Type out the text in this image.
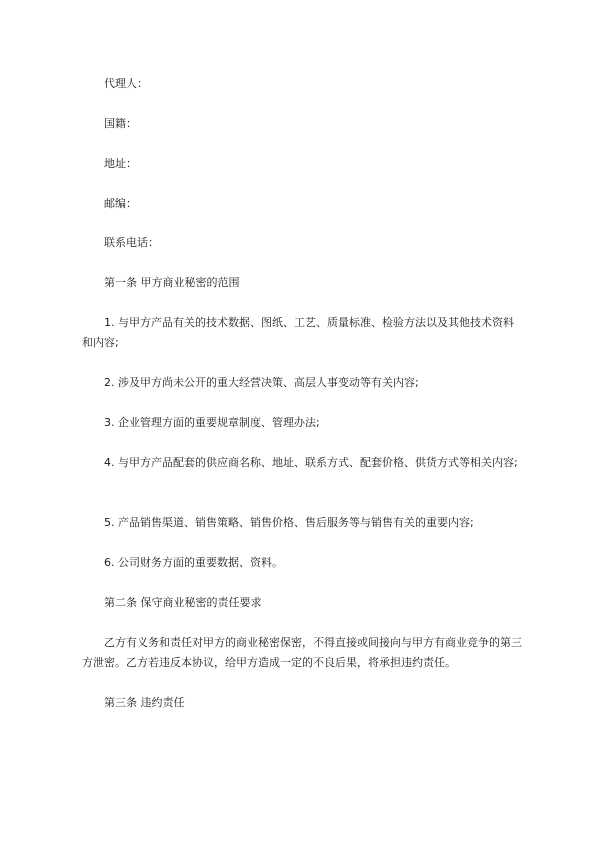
代理人：

国籍：

地址：

邮编：

联系电话：

第一条 甲方商业秘密的范围

1. 与甲方产品有关的技术数据、图纸、工艺、质量标准、检验方法以及其他技术资料和内容;

2. 涉及甲方尚未公开的重大经营决策、高层人事变动等有关内容;

3. 企业管理方面的重要规章制度、管理办法;

4. 与甲方产品配套的供应商名称、地址、联系方式、配套价格、供货方式等相关内容;

5. 产品销售渠道、销售策略、销售价格、售后服务等与销售有关的重要内容;

6. 公司财务方面的重要数据、资料。

第二条 保守商业秘密的责任要求

乙方有义务和责任对甲方的商业秘密保密，不得直接或间接向与甲方有商业竞争的第三方泄密。乙方若违反本协议，给甲方造成一定的不良后果，将承担违约责任。

第三条 违约责任
